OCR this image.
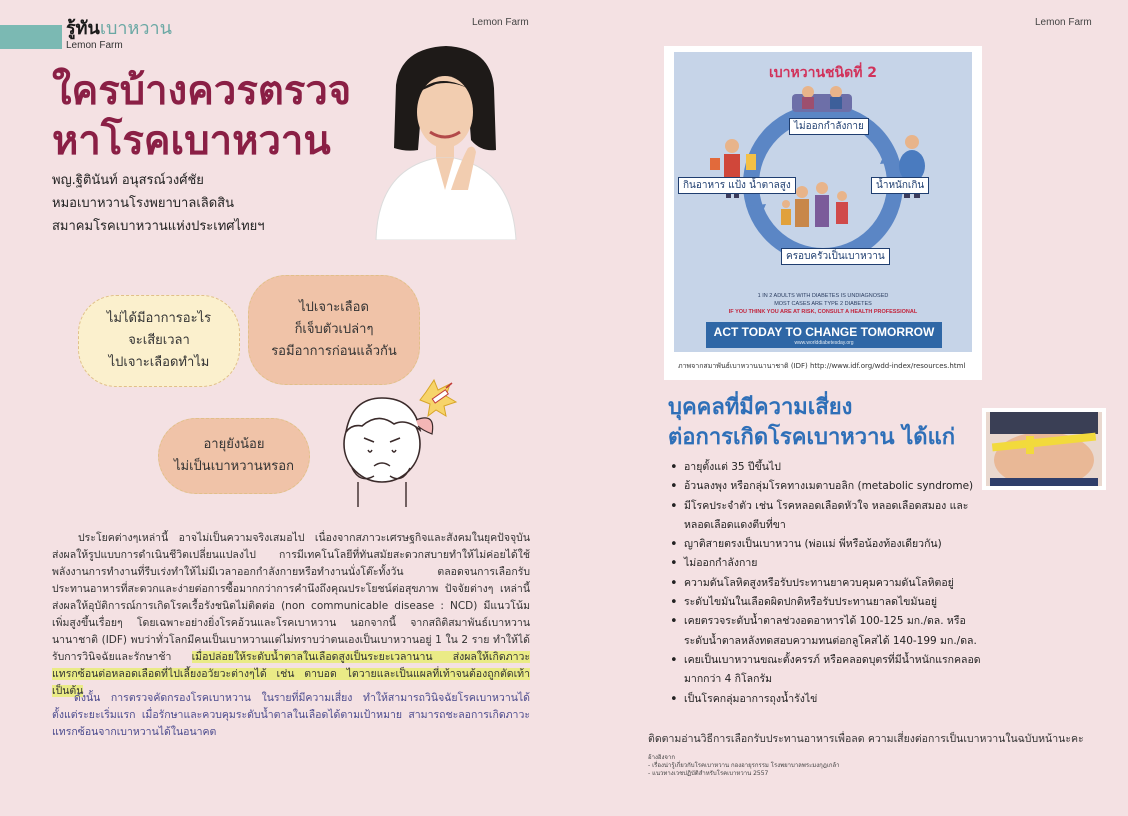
รู้ทันเบาหวาน
Lemon Farm
Lemon Farm
ใครบ้างควรตรวจ
หาโรคเบาหวาน
พญ.ฐิตินันท์ อนุสรณ์วงศ์ชัย
หมอเบาหวานโรงพยาบาลเลิดสิน
สมาคมโรคเบาหวานแห่งประเทศไทยฯ
ไม่ได้มีอาการอะไร
จะเสียเวลา
ไปเจาะเลือดทำไม
ไปเจาะเลือด
ก็เจ็บตัวเปล่าๆ
รอมีอาการก่อนแล้วกัน
อายุยังน้อย
ไม่เป็นเบาหวานหรอก
ประโยคต่างๆเหล่านี้ อาจไม่เป็นความจริงเสมอไป เนื่องจากสภาวะเศรษฐกิจและสังคมในยุคปัจจุบัน ส่งผลให้รูปแบบการดำเนินชีวิตเปลี่ยนแปลงไป การมีเทคโนโลยีที่ทันสมัยสะดวกสบายทำให้ไม่ค่อยได้ใช้พลังงานการทำงานที่รีบเร่งทำให้ไม่มีเวลาออกกำลังกายหรือทำงานนั่งโต๊ะทั้งวัน ตลอดจนการเลือกรับประทานอาหารที่สะดวกและง่ายต่อการซื้อมากกว่าการคำนึงถึงคุณประโยชน์ต่อสุขภาพ ปัจจัยต่างๆ เหล่านี้ ส่งผลให้อุบัติการณ์การเกิดโรคเรื้อรังชนิดไม่ติดต่อ (non communicable disease : NCD) มีแนวโน้มเพิ่มสูงขึ้นเรื่อยๆ โดยเฉพาะอย่างยิ่งโรคอ้วนและโรคเบาหวาน นอกจากนี้ จากสถิติสมาพันธ์เบาหวานนานาชาติ (IDF) พบว่าทั่วโลกมีคนเป็นเบาหวานแต่ไม่ทราบว่าตนเองเป็นเบาหวานอยู่ 1 ใน 2 ราย ทำให้ได้รับการวินิจฉัยและรักษาช้า เมื่อปล่อยให้ระดับน้ำตาลในเลือดสูงเป็นระยะเวลานาน ส่งผลให้เกิดภาวะแทรกซ้อนต่อหลอดเลือดที่ไปเลี้ยงอวัยวะต่างๆได้ เช่น ตาบอด ไตวายและเป็นแผลที่เท้าจนต้องถูกตัดเท้า เป็นต้น
ดังนั้น การตรวจคัดกรองโรคเบาหวาน ในรายที่มีความเสี่ยง ทำให้สามารถวินิจฉัยโรคเบาหวานได้ตั้งแต่ระยะเริ่มแรก เมื่อรักษาและควบคุมระดับน้ำตาลในเลือดได้ตามเป้าหมาย สามารถชะลอการเกิดภาวะแทรกซ้อนจากเบาหวานได้ในอนาคต
Lemon Farm
เบาหวานชนิดที่ 2
ไม่ออกกำลังกาย
กินอาหาร แป้ง น้ำตาลสูง	น้ำหนักเกิน
ครอบครัวเป็นเบาหวาน
1 IN 2 ADULTS WITH DIABETES IS UNDIAGNOSED
MOST CASES ARE TYPE 2 DIABETES
IF YOU THINK YOU ARE AT RISK, CONSULT A HEALTH PROFESSIONAL
ACT TODAY TO CHANGE TOMORROW
www.worlddiabetesday.org
ภาพจากสมาพันธ์เบาหวานนานาชาติ (IDF) http://www.idf.org/wdd-index/resources.html
บุคคลที่มีความเสี่ยง
ต่อการเกิดโรคเบาหวาน ได้แก่
• อายุตั้งแต่ 35 ปีขึ้นไป
• อ้วนลงพุง หรือกลุ่มโรคทางเมตาบอลิก (metabolic syndrome)
• มีโรคประจำตัว เช่น โรคหลอดเลือดหัวใจ หลอดเลือดสมอง และหลอดเลือดแดงตีบที่ขา
• ญาติสายตรงเป็นเบาหวาน (พ่อแม่ พี่หรือน้องท้องเดียวกัน)
• ไม่ออกกำลังกาย
• ความดันโลหิตสูงหรือรับประทานยาควบคุมความดันโลหิตอยู่
• ระดับไขมันในเลือดผิดปกติหรือรับประทานยาลดไขมันอยู่
• เคยตรวจระดับน้ำตาลช่วงอดอาหารได้ 100-125 มก./ดล. หรือระดับน้ำตาลหลังทดสอบความทนต่อกลูโคสได้ 140-199 มก./ดล.
• เคยเป็นเบาหวานขณะตั้งครรภ์ หรือคลอดบุตรที่มีน้ำหนักแรกคลอดมากกว่า 4 กิโลกรัม
• เป็นโรคกลุ่มอาการถุงน้ำรังไข่
ติดตามอ่านวิธีการเลือกรับประทานอาหารเพื่อลด ความเสี่ยงต่อการเป็นเบาหวานในฉบับหน้านะคะ
อ้างอิงจาก
- เรื่องน่ารู้เกี่ยวกับโรคเบาหวาน กองอายุรกรรม โรงพยาบาลพระมงกุฎเกล้า
- แนวทางเวชปฏิบัติสำหรับโรคเบาหวาน 2557
